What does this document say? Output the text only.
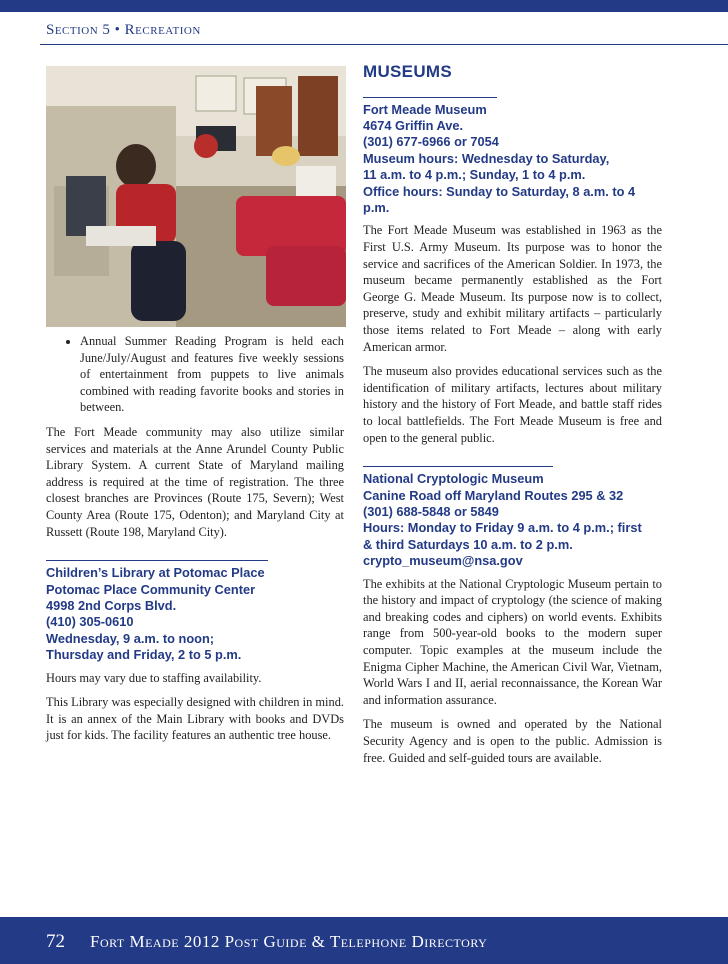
Section 5 • Recreation
• Annual Summer Reading Program is held each June/July/August and features five weekly sessions of entertainment from puppets to live animals combined with reading favorite books and stories in between.

The Fort Meade community may also utilize similar services and materials at the Anne Arundel County Public Library System. A current State of Maryland mailing address is required at the time of registration. The three closest branches are Provinces (Route 175, Severn); West County Area (Route 175, Odenton); and Maryland City at Russett (Route 198, Maryland City).

Children’s Library at Potomac Place
Potomac Place Community Center
4998 2nd Corps Blvd.
(410) 305-0610
Wednesday, 9 a.m. to noon;
Thursday and Friday, 2 to 5 p.m.

Hours may vary due to staffing availability.

This Library was especially designed with children in mind. It is an annex of the Main Library with books and DVDs just for kids. The facility features an authentic tree house.

MUSEUMS
Fort Meade Museum
4674 Griffin Ave.
(301) 677-6966 or 7054
Museum hours: Wednesday to Saturday,
11 a.m. to 4 p.m.; Sunday, 1 to 4 p.m.
Office hours: Sunday to Saturday, 8 a.m. to 4 p.m.

The Fort Meade Museum was established in 1963 as the First U.S. Army Museum. Its purpose was to honor the service and sacrifices of the American Soldier. In 1973, the museum became permanently established as the Fort George G. Meade Museum. Its purpose now is to collect, preserve, study and exhibit military artifacts – particularly those items related to Fort Meade – along with early American armor.

The museum also provides educational services such as the identification of military artifacts, lectures about military history and the history of Fort Meade, and battle staff rides to local battlefields. The Fort Meade Museum is free and open to the general public.

National Cryptologic Museum
Canine Road off Maryland Routes 295 & 32
(301) 688-5848 or 5849
Hours: Monday to Friday 9 a.m. to 4 p.m.; first
& third Saturdays 10 a.m. to 2 p.m.
crypto_museum@nsa.gov

The exhibits at the National Cryptologic Museum pertain to the history and impact of cryptology (the science of making and breaking codes and ciphers) on world events. Exhibits range from 500-year-old books to the modern super computer. Topic examples at the museum include the Enigma Cipher Machine, the American Civil War, Vietnam, World Wars I and II, aerial reconnaissance, the Korean War and information assurance.

The museum is owned and operated by the National Security Agency and is open to the public. Admission is free. Guided and self-guided tours are available.

72 Fort Meade 2012 Post Guide & Telephone Directory
